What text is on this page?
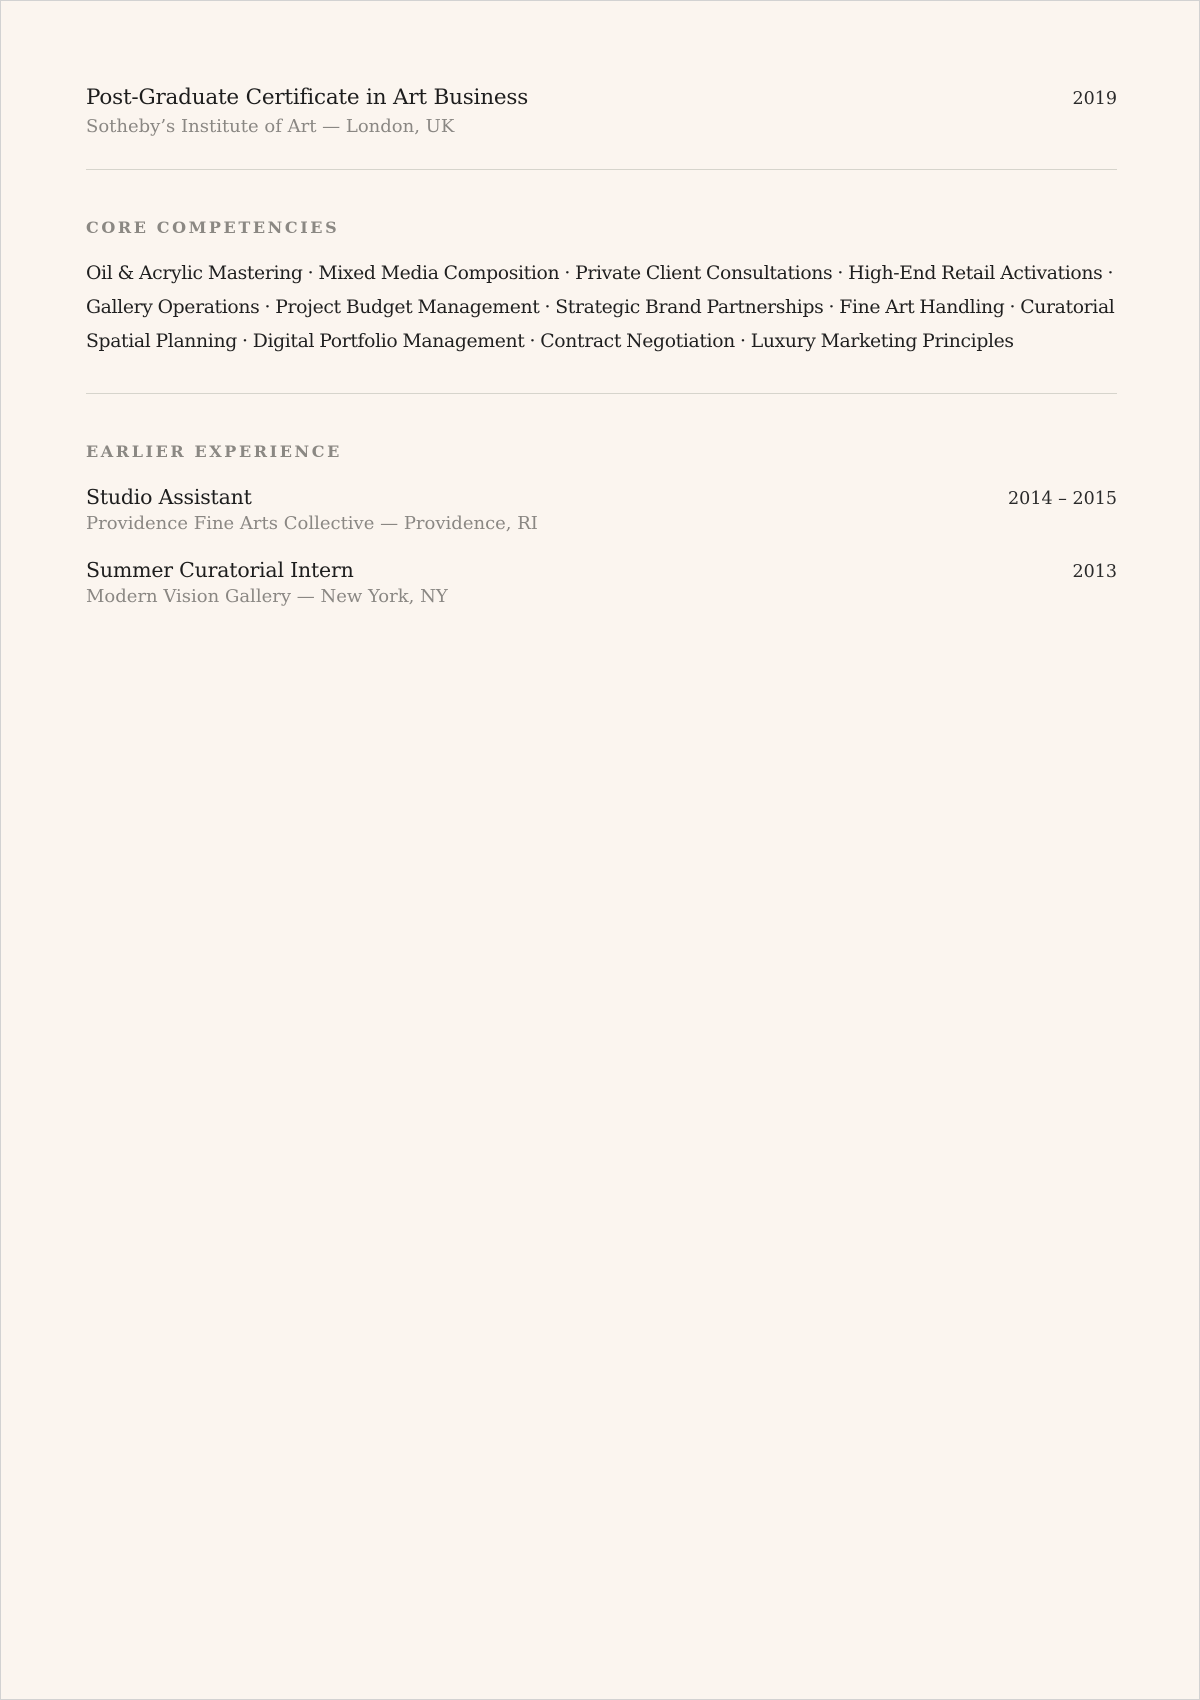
Post-Graduate Certificate in Art Business	2019
Sotheby’s Institute of Art — London, UK
CORE COMPETENCIES
Oil & Acrylic Mastering · Mixed Media Composition · Private Client Consultations · High-End Retail Activations · Gallery Operations · Project Budget Management · Strategic Brand Partnerships · Fine Art Handling · Curatorial Spatial Planning · Digital Portfolio Management · Contract Negotiation · Luxury Marketing Principles
EARLIER EXPERIENCE
Studio Assistant	2014 – 2015
Providence Fine Arts Collective — Providence, RI
Summer Curatorial Intern	2013
Modern Vision Gallery — New York, NY
